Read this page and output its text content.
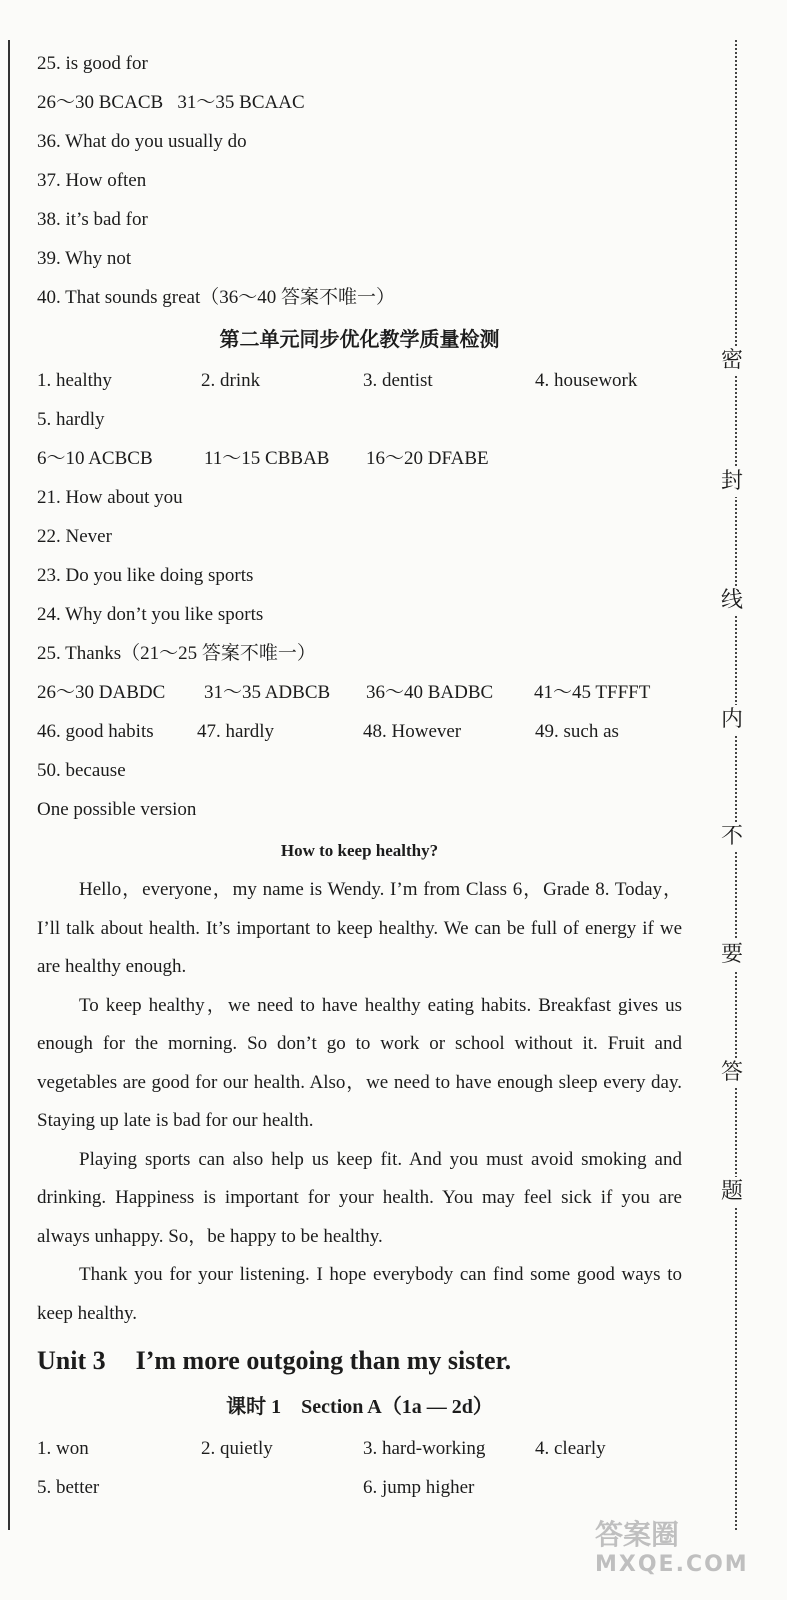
密
封
线
内
不
要
答
题
25. is good for
26～30 BCACB   31～35 BCAAC
36. What do you usually do
37. How often
38. it’s bad for
39. Why not
40. That sounds great（36～40 答案不唯一）
第二单元同步优化教学质量检测
1. healthy	2. drink	3. dentist	4. housework
5. hardly
6～10 ACBCB	11～15 CBBAB	16～20 DFABE
21. How about you
22. Never
23. Do you like doing sports
24. Why don’t you like sports
25. Thanks（21～25 答案不唯一）
26～30 DABDC	31～35 ADBCB	36～40 BADBC	41～45 TFFFT
46. good habits	47. hardly	48. However	49. such as
50. because
One possible version
How to keep healthy?

Hello，everyone，my name is Wendy. I’m from Class 6，Grade 8. Today，I’ll talk about health. It’s important to keep healthy. We can be full of energy if we are healthy enough.

To keep healthy，we need to have healthy eating habits. Breakfast gives us enough for the morning. So don’t go to work or school without it. Fruit and vegetables are good for our health. Also，we need to have enough sleep every day. Staying up late is bad for our health.

Playing sports can also help us keep fit. And you must avoid smoking and drinking. Happiness is important for your health. You may feel sick if you are always unhappy. So，be happy to be healthy.

Thank you for your listening. I hope everybody can find some good ways to keep healthy.

Unit 3 I’m more outgoing than my sister.
课时 1　Section A（1a — 2d）
1. won	2. quietly	3. hard-working	4. clearly
5. better	6. jump higher
答案圈
MXQE.COM
